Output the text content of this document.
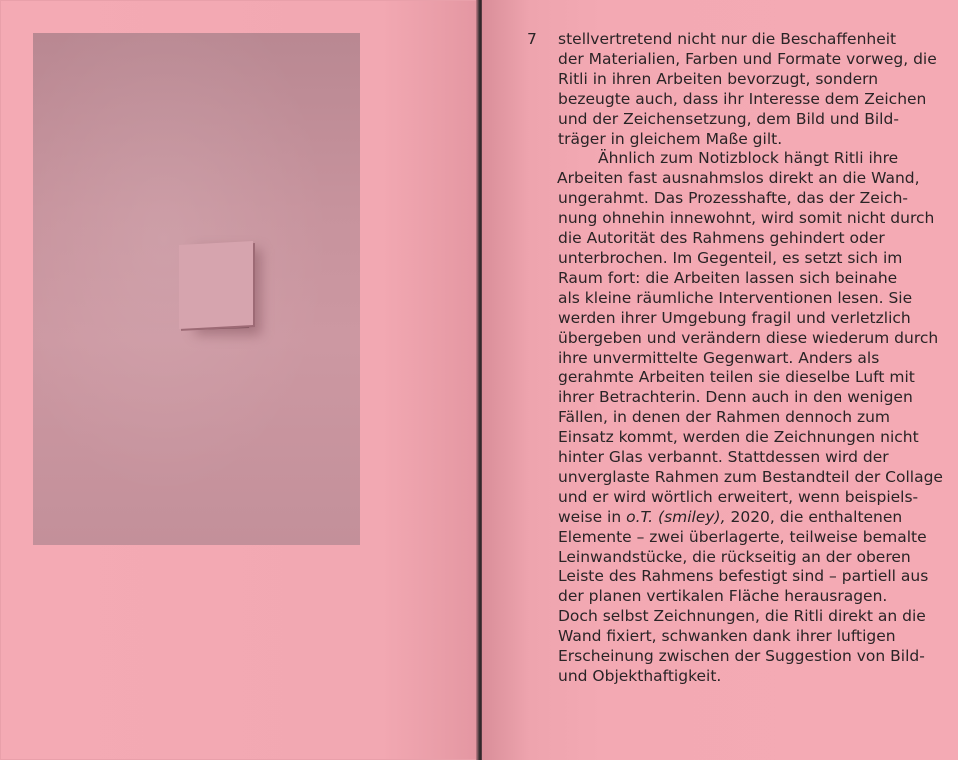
7 stellvertretend nicht nur die Beschaffenheit
der Materialien, Farben und Formate vorweg, die
Ritli in ihren Arbeiten bevorzugt, sondern
bezeugte auch, dass ihr Interesse dem Zeichen
und der Zeichensetzung, dem Bild und Bild-
träger in gleichem Maße gilt.
Ähnlich zum Notizblock hängt Ritli ihre
Arbeiten fast ausnahmslos direkt an die Wand,
ungerahmt. Das Prozesshafte, das der Zeich-
nung ohnehin innewohnt, wird somit nicht durch
die Autorität des Rahmens gehindert oder
unterbrochen. Im Gegenteil, es setzt sich im
Raum fort: die Arbeiten lassen sich beinahe
als kleine räumliche Interventionen lesen. Sie
werden ihrer Umgebung fragil und verletzlich
übergeben und verändern diese wiederum durch
ihre unvermittelte Gegenwart. Anders als
gerahmte Arbeiten teilen sie dieselbe Luft mit
ihrer Betrachterin. Denn auch in den wenigen
Fällen, in denen der Rahmen dennoch zum
Einsatz kommt, werden die Zeichnungen nicht
hinter Glas verbannt. Stattdessen wird der
unverglaste Rahmen zum Bestandteil der Collage
und er wird wörtlich erweitert, wenn beispiels-
weise in o.T. (smiley), 2020, die enthaltenen
Elemente – zwei überlagerte, teilweise bemalte
Leinwandstücke, die rückseitig an der oberen
Leiste des Rahmens befestigt sind – partiell aus
der planen vertikalen Fläche herausragen.
Doch selbst Zeichnungen, die Ritli direkt an die
Wand fixiert, schwanken dank ihrer luftigen
Erscheinung zwischen der Suggestion von Bild-
und Objekthaftigkeit.
